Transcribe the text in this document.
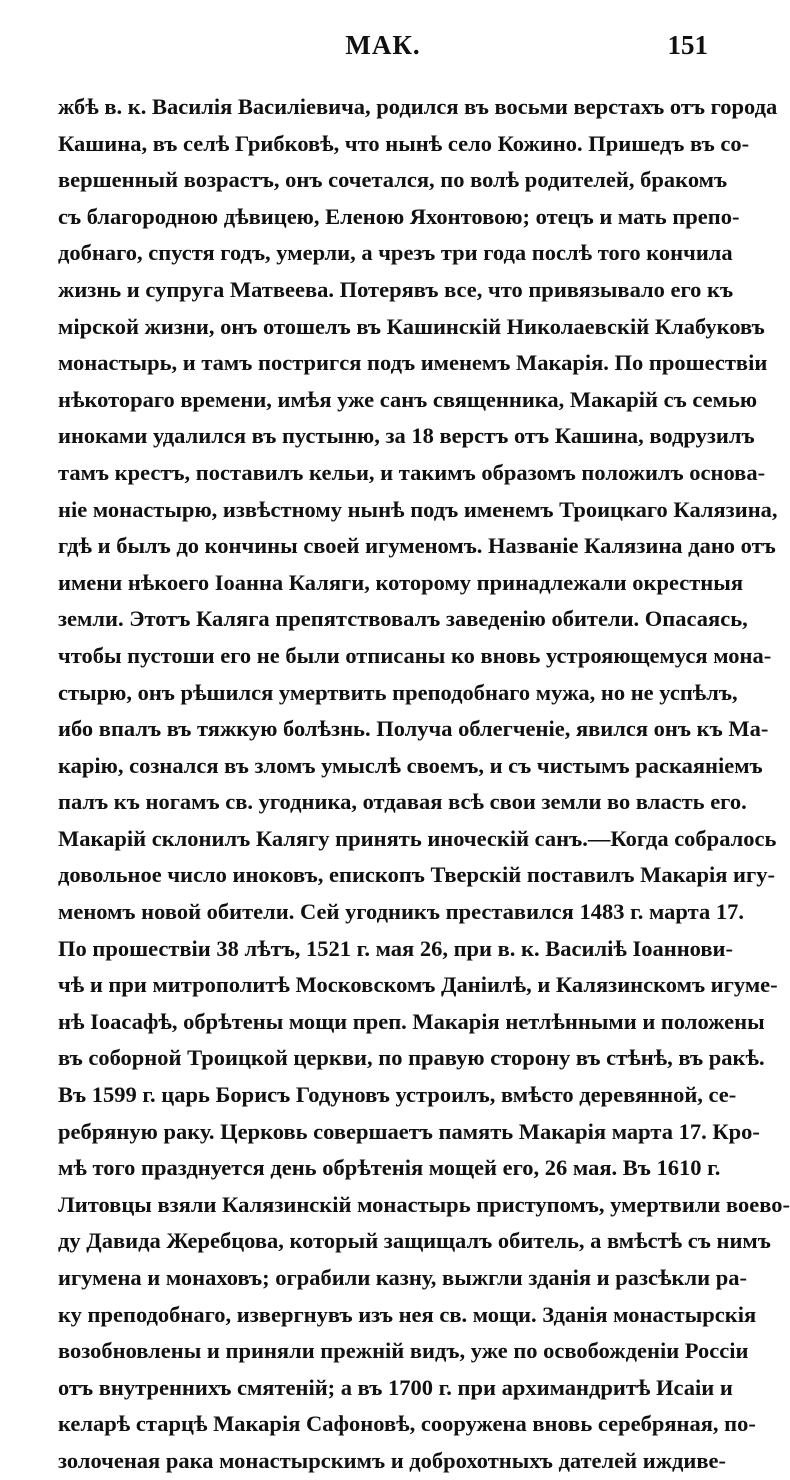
МАК.	151
жбѣ в. к. Василія Василіевича, родился въ восьми верстахъ отъ города
Кашина, въ селѣ Грибковѣ, что нынѣ село Кожино. Пришедъ въ со-
вершенный возрастъ, онъ сочетался, по волѣ родителей, бракомъ
съ благородною дѣвицею, Еленою Яхонтовою; отецъ и мать препо-
добнаго, спустя годъ, умерли, а чрезъ три года послѣ того кончила
жизнь и супруга Матвеева. Потерявъ все, что привязывало его къ
мірской жизни, онъ отошелъ въ Кашинскій Николаевскій Клабуковъ
монастырь, и тамъ постригся подъ именемъ Макарія. По прошествіи
нѣкотораго времени, имѣя уже санъ священника, Макарій съ семью
иноками удалился въ пустыню, за 18 верстъ отъ Кашина, водрузилъ
тамъ крестъ, поставилъ кельи, и такимъ образомъ положилъ основа-
ніе монастырю, извѣстному нынѣ подъ именемъ Троицкаго Калязина,
гдѣ и былъ до кончины своей игуменомъ. Названіе Калязина дано отъ
имени нѣкоего Іоанна Каляги, которому принадлежали окрестныя
земли. Этотъ Каляга препятствовалъ заведенію обители. Опасаясь,
чтобы пустоши его не были отписаны ко вновь устрояющемуся мона-
стырю, онъ рѣшился умертвить преподобнаго мужа, но не успѣлъ,
ибо впалъ въ тяжкую болѣзнь. Получа облегченіе, явился онъ къ Ма-
карію, сознался въ зломъ умыслѣ своемъ, и съ чистымъ раскаяніемъ
палъ къ ногамъ св. угодника, отдавая всѣ свои земли во власть его.
Макарій склонилъ Калягу принять иноческій санъ.—Когда собралось
довольное число иноковъ, епископъ Тверскій поставилъ Макарія игу-
меномъ новой обители. Сей угодникъ преставился 1483 г. марта 17.
По прошествіи 38 лѣтъ, 1521 г. мая 26, при в. к. Василіѣ Іоаннови-
чѣ и при митрополитѣ Московскомъ Даніилѣ, и Калязинскомъ игуме-
нѣ Іоасафѣ, обрѣтены мощи преп. Макарія нетлѣнными и положены
въ соборной Троицкой церкви, по правую сторону въ стѣнѣ, въ ракѣ.
Въ 1599 г. царь Борисъ Годуновъ устроилъ, вмѣсто деревянной, се-
ребряную раку. Церковь совершаетъ память Макарія марта 17. Кро-
мѣ того празднуется день обрѣтенія мощей его, 26 мая. Въ 1610 г.
Литовцы взяли Калязинскій монастырь приступомъ, умертвили воево-
ду Давида Жеребцова, который защищалъ обитель, а вмѣстѣ съ нимъ
игумена и монаховъ; ограбили казну, выжгли зданія и разсѣкли ра-
ку преподобнаго, извергнувъ изъ нея св. мощи. Зданія монастырскія
возобновлены и приняли прежній видъ, уже по освобожденіи Россіи
отъ внутреннихъ смятеній; а въ 1700 г. при архимандритѣ Исаіи и
келарѣ старцѣ Макарія Сафоновѣ, сооружена вновь серебряная, по-
золоченая рака монастырскимъ и доброхотныхъ дателей иждиве-
